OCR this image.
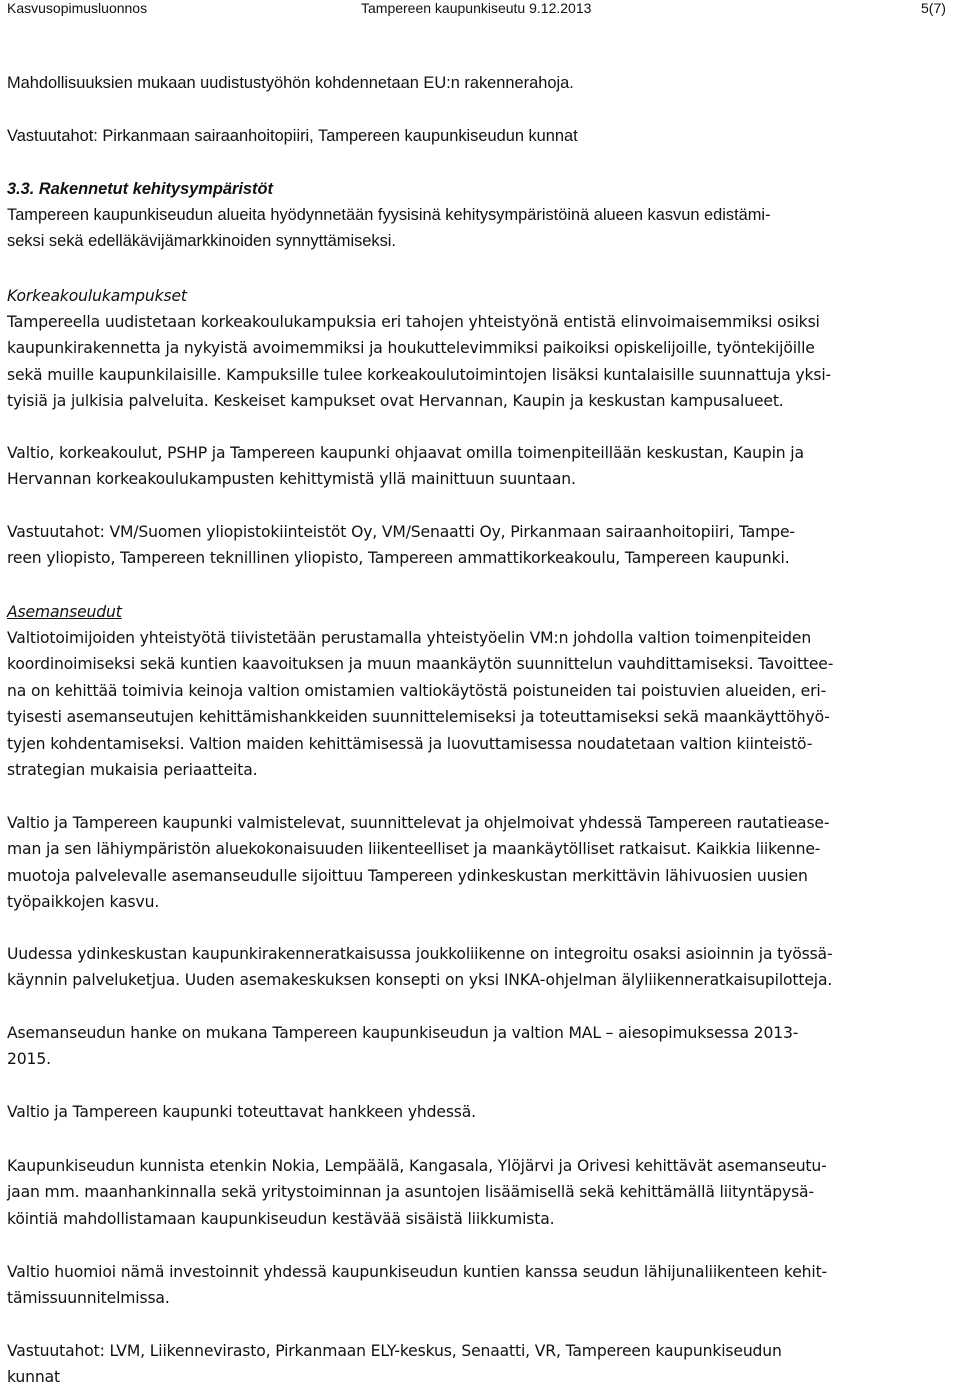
Kasvusopimusluonnos	Tampereen kaupunkiseutu 9.12.2013	5(7)

Mahdollisuuksien mukaan uudistustyöhön kohdennetaan EU:n rakennerahoja.

Vastuutahot: Pirkanmaan sairaanhoitopiiri, Tampereen kaupunkiseudun kunnat

3.3. Rakennetut kehitysympäristöt

Tampereen kaupunkiseudun alueita hyödynnetään fyysisinä kehitysympäristöinä alueen kasvun edistämi-

seksi sekä edelläkävijämarkkinoiden synnyttämiseksi.

Korkeakoulukampukset

Tampereella uudistetaan korkeakoulukampuksia eri tahojen yhteistyönä entistä elinvoimaisemmiksi osiksi

kaupunkirakennetta ja nykyistä avoimemmiksi ja houkuttelevimmiksi paikoiksi opiskelijoille, työntekijöille

sekä muille kaupunkilaisille. Kampuksille tulee korkeakoulutoimintojen lisäksi kuntalaisille suunnattuja yksi-

tyisiä ja julkisia palveluita. Keskeiset kampukset ovat Hervannan, Kaupin ja keskustan kampusalueet.

Valtio, korkeakoulut, PSHP ja Tampereen kaupunki ohjaavat omilla toimenpiteillään keskustan, Kaupin ja

Hervannan korkeakoulukampusten kehittymistä yllä mainittuun suuntaan.

Vastuutahot: VM/Suomen yliopistokiinteistöt Oy, VM/Senaatti Oy, Pirkanmaan sairaanhoitopiiri, Tampe-

reen yliopisto, Tampereen teknillinen yliopisto, Tampereen ammattikorkeakoulu, Tampereen kaupunki.

Asemanseudut

Valtiotoimijoiden yhteistyötä tiivistetään perustamalla yhteistyöelin VM:n johdolla valtion toimenpiteiden

koordinoimiseksi sekä kuntien kaavoituksen ja muun maankäytön suunnittelun vauhdittamiseksi. Tavoittee-

na on kehittää toimivia keinoja valtion omistamien valtiokäytöstä poistuneiden tai poistuvien alueiden, eri-

tyisesti asemanseutujen kehittämishankkeiden suunnittelemiseksi ja toteuttamiseksi sekä maankäyttöhyö-

tyjen kohdentamiseksi. Valtion maiden kehittämisessä ja luovuttamisessa noudatetaan valtion kiinteistö-

strategian mukaisia periaatteita.

Valtio ja Tampereen kaupunki valmistelevat, suunnittelevat ja ohjelmoivat yhdessä Tampereen rautatiease-

man ja sen lähiympäristön aluekokonaisuuden liikenteelliset ja maankäytölliset ratkaisut. Kaikkia liikenne-

muotoja palvelevalle asemanseudulle sijoittuu Tampereen ydinkeskustan merkittävin lähivuosien uusien

työpaikkojen kasvu.

Uudessa ydinkeskustan kaupunkirakenneratkaisussa joukkoliikenne on integroitu osaksi asioinnin ja työssä-

käynnin palveluketjua. Uuden asemakeskuksen konsepti on yksi INKA-ohjelman älyliikenneratkaisupilotteja.

Asemanseudun hanke on mukana Tampereen kaupunkiseudun ja valtion MAL – aiesopimuksessa 2013-

2015.

Valtio ja Tampereen kaupunki toteuttavat hankkeen yhdessä.

Kaupunkiseudun kunnista etenkin Nokia, Lempäälä, Kangasala, Ylöjärvi ja Orivesi kehittävät asemanseutu-

jaan mm. maanhankinnalla sekä yritystoiminnan ja asuntojen lisäämisellä sekä kehittämällä liityntäpysä-

köintiä mahdollistamaan kaupunkiseudun kestävää sisäistä liikkumista.

Valtio huomioi nämä investoinnit yhdessä kaupunkiseudun kuntien kanssa seudun lähijunaliikenteen kehit-

tämissuunnitelmissa.

Vastuutahot: LVM, Liikennevirasto, Pirkanmaan ELY-keskus, Senaatti, VR, Tampereen kaupunkiseudun

kunnat
